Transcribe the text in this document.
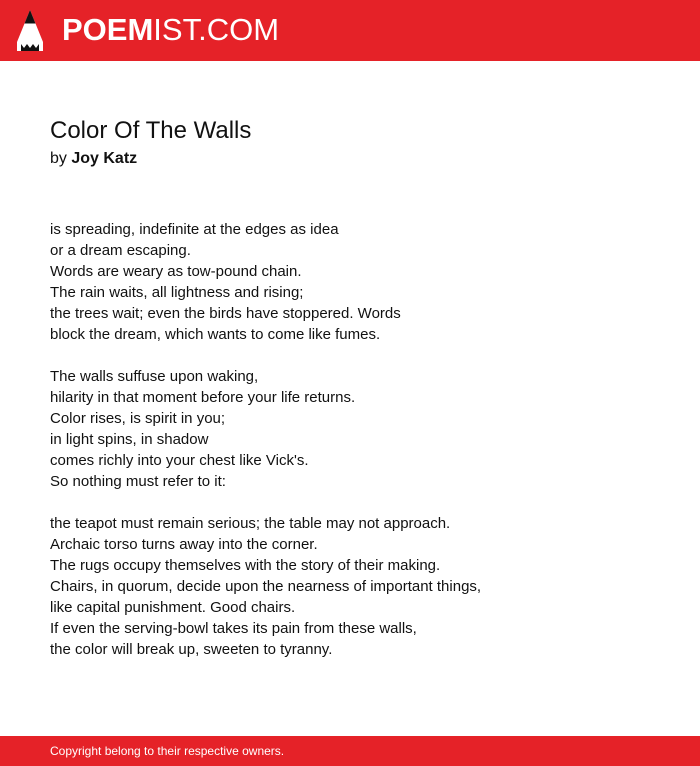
POEMIST.COM
Color Of The Walls
by Joy Katz
is spreading, indefinite at the edges as idea
or a dream escaping.
Words are weary as tow-pound chain.
The rain waits, all lightness and rising;
the trees wait; even the birds have stoppered. Words
block the dream, which wants to come like fumes.
The walls suffuse upon waking,
hilarity in that moment before your life returns.
Color rises, is spirit in you;
in light spins, in shadow
comes richly into your chest like Vick's.
So nothing must refer to it:
the teapot must remain serious; the table may not approach.
Archaic torso turns away into the corner.
The rugs occupy themselves with the story of their making.
Chairs, in quorum, decide upon the nearness of important things,
like capital punishment. Good chairs.
If even the serving-bowl takes its pain from these walls,
the color will break up, sweeten to tyranny.
Copyright belong to their respective owners.
